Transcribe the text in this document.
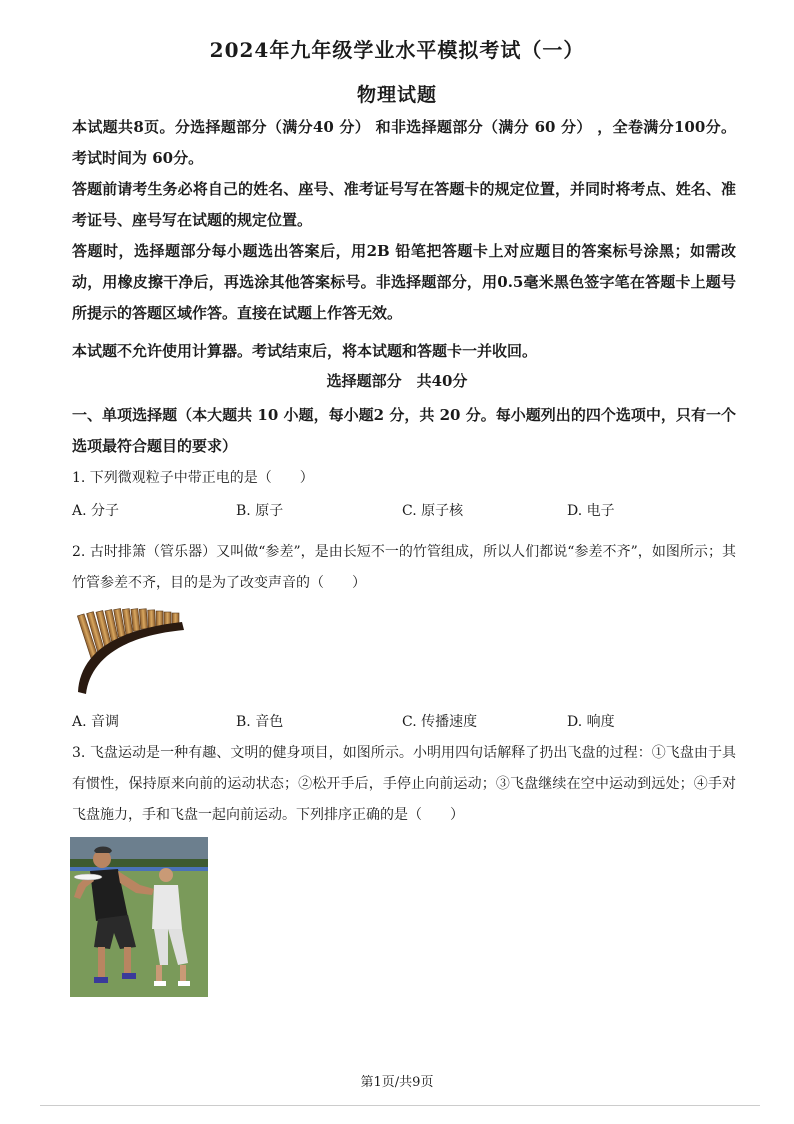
2024年九年级学业水平模拟考试（一）
物理试题
本试题共8页。分选择题部分（满分40 分） 和非选择题部分（满分 60 分） ，全卷满分100分。考试时间为 60分。
答题前请考生务必将自己的姓名、座号、准考证号写在答题卡的规定位置，并同时将考点、姓名、准考证号、座号写在试题的规定位置。
答题时，选择题部分每小题选出答案后，用2B 铅笔把答题卡上对应题目的答案标号涂黑；如需改动，用橡皮擦干净后，再选涂其他答案标号。非选择题部分，用0.5毫米黑色签字笔在答题卡上题号所提示的答题区域作答。直接在试题上作答无效。
本试题不允许使用计算器。考试结束后，将本试题和答题卡一并收回。
选择题部分　共40分
一、单项选择题（本大题共 10 小题，每小题2 分，共 20 分。每小题列出的四个选项中，只有一个选项最符合题目的要求）
1. 下列微观粒子中带正电的是（　　）
A. 分子	B. 原子	C. 原子核	D. 电子
2. 古时排箫（管乐器）又叫做“参差”，是由长短不一的竹管组成，所以人们都说“参差不齐”，如图所示；其竹管参差不齐，目的是为了改变声音的（　　）
A. 音调	B. 音色	C. 传播速度	D. 响度
3. 飞盘运动是一种有趣、文明的健身项目，如图所示。小明用四句话解释了扔出飞盘的过程：①飞盘由于具有惯性，保持原来向前的运动状态；②松开手后，手停止向前运动；③飞盘继续在空中运动到远处；④手对飞盘施力，手和飞盘一起向前运动。下列排序正确的是（　　）
第1页/共9页
